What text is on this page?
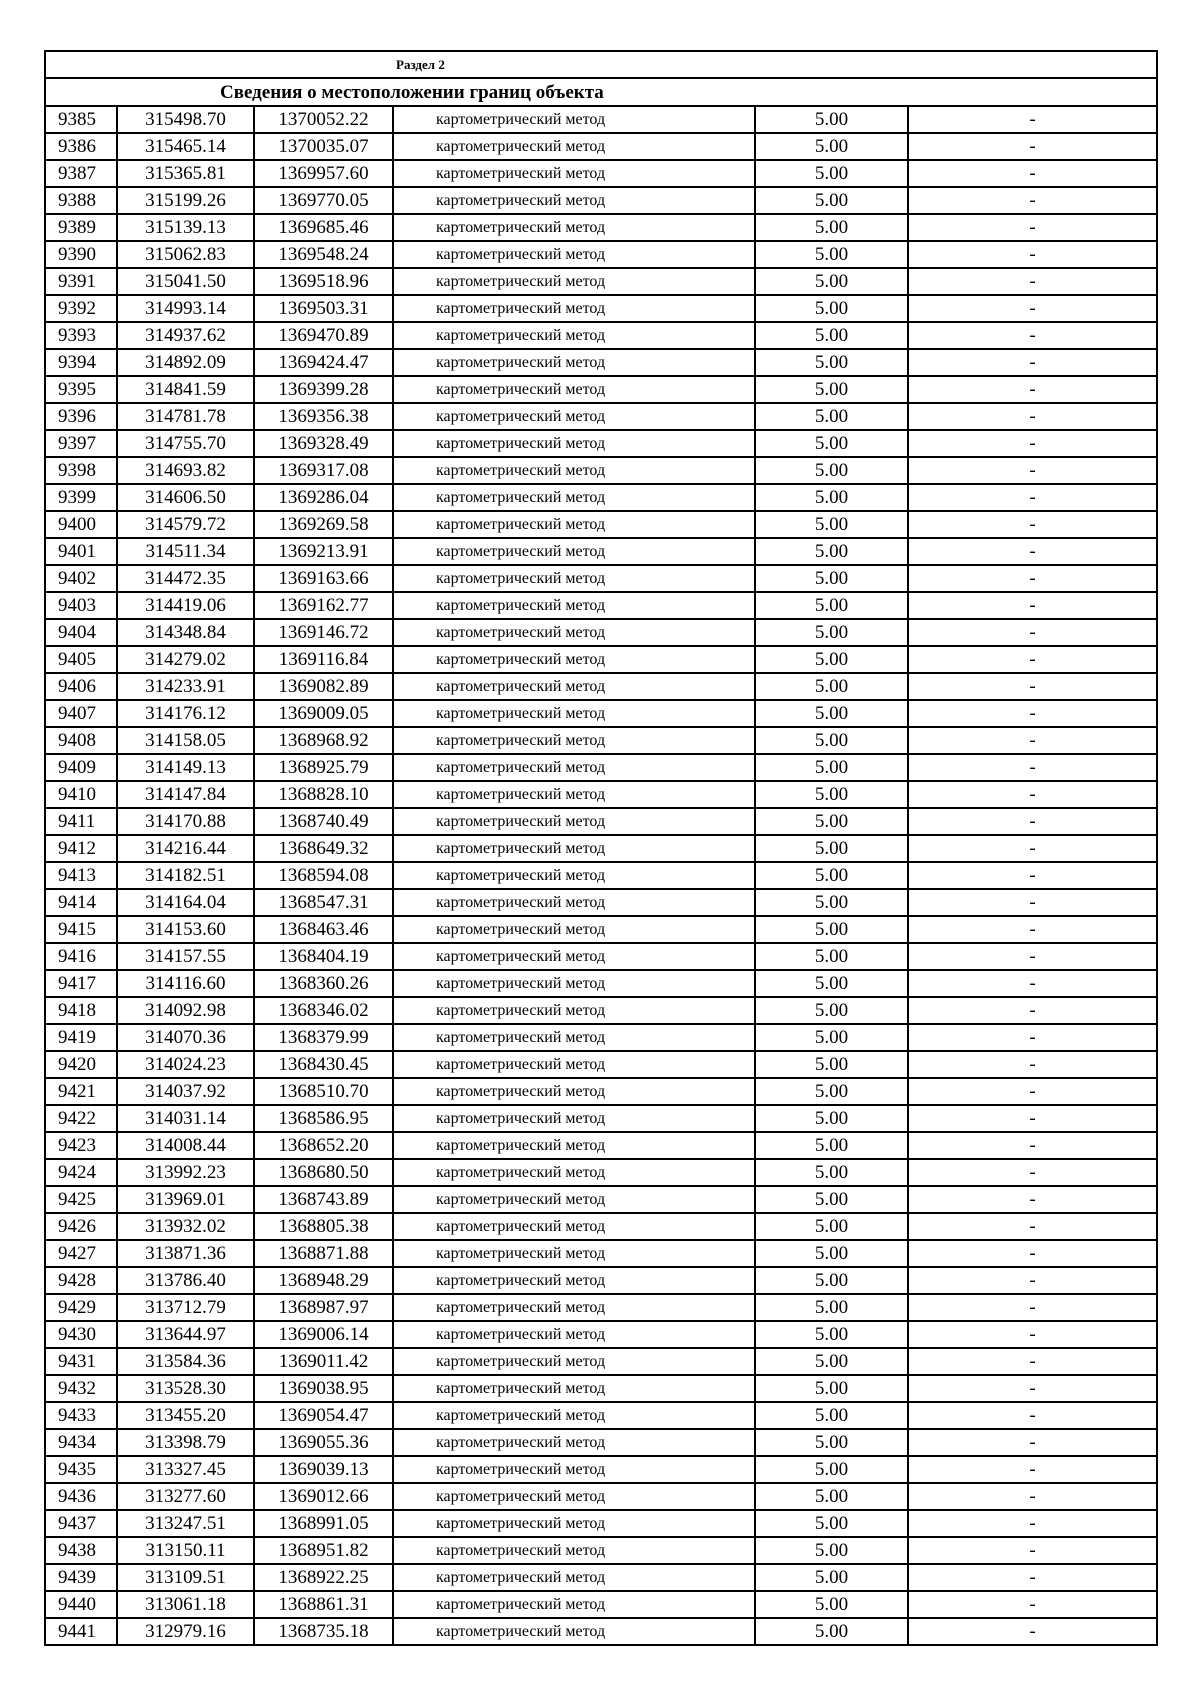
Раздел 2					
Сведения о местоположении границ объекта					
9385	315498.70	1370052.22	картометрический метод	5.00	-
9386	315465.14	1370035.07	картометрический метод	5.00	-
9387	315365.81	1369957.60	картометрический метод	5.00	-
9388	315199.26	1369770.05	картометрический метод	5.00	-
9389	315139.13	1369685.46	картометрический метод	5.00	-
9390	315062.83	1369548.24	картометрический метод	5.00	-
9391	315041.50	1369518.96	картометрический метод	5.00	-
9392	314993.14	1369503.31	картометрический метод	5.00	-
9393	314937.62	1369470.89	картометрический метод	5.00	-
9394	314892.09	1369424.47	картометрический метод	5.00	-
9395	314841.59	1369399.28	картометрический метод	5.00	-
9396	314781.78	1369356.38	картометрический метод	5.00	-
9397	314755.70	1369328.49	картометрический метод	5.00	-
9398	314693.82	1369317.08	картометрический метод	5.00	-
9399	314606.50	1369286.04	картометрический метод	5.00	-
9400	314579.72	1369269.58	картометрический метод	5.00	-
9401	314511.34	1369213.91	картометрический метод	5.00	-
9402	314472.35	1369163.66	картометрический метод	5.00	-
9403	314419.06	1369162.77	картометрический метод	5.00	-
9404	314348.84	1369146.72	картометрический метод	5.00	-
9405	314279.02	1369116.84	картометрический метод	5.00	-
9406	314233.91	1369082.89	картометрический метод	5.00	-
9407	314176.12	1369009.05	картометрический метод	5.00	-
9408	314158.05	1368968.92	картометрический метод	5.00	-
9409	314149.13	1368925.79	картометрический метод	5.00	-
9410	314147.84	1368828.10	картометрический метод	5.00	-
9411	314170.88	1368740.49	картометрический метод	5.00	-
9412	314216.44	1368649.32	картометрический метод	5.00	-
9413	314182.51	1368594.08	картометрический метод	5.00	-
9414	314164.04	1368547.31	картометрический метод	5.00	-
9415	314153.60	1368463.46	картометрический метод	5.00	-
9416	314157.55	1368404.19	картометрический метод	5.00	-
9417	314116.60	1368360.26	картометрический метод	5.00	-
9418	314092.98	1368346.02	картометрический метод	5.00	-
9419	314070.36	1368379.99	картометрический метод	5.00	-
9420	314024.23	1368430.45	картометрический метод	5.00	-
9421	314037.92	1368510.70	картометрический метод	5.00	-
9422	314031.14	1368586.95	картометрический метод	5.00	-
9423	314008.44	1368652.20	картометрический метод	5.00	-
9424	313992.23	1368680.50	картометрический метод	5.00	-
9425	313969.01	1368743.89	картометрический метод	5.00	-
9426	313932.02	1368805.38	картометрический метод	5.00	-
9427	313871.36	1368871.88	картометрический метод	5.00	-
9428	313786.40	1368948.29	картометрический метод	5.00	-
9429	313712.79	1368987.97	картометрический метод	5.00	-
9430	313644.97	1369006.14	картометрический метод	5.00	-
9431	313584.36	1369011.42	картометрический метод	5.00	-
9432	313528.30	1369038.95	картометрический метод	5.00	-
9433	313455.20	1369054.47	картометрический метод	5.00	-
9434	313398.79	1369055.36	картометрический метод	5.00	-
9435	313327.45	1369039.13	картометрический метод	5.00	-
9436	313277.60	1369012.66	картометрический метод	5.00	-
9437	313247.51	1368991.05	картометрический метод	5.00	-
9438	313150.11	1368951.82	картометрический метод	5.00	-
9439	313109.51	1368922.25	картометрический метод	5.00	-
9440	313061.18	1368861.31	картометрический метод	5.00	-
9441	312979.16	1368735.18	картометрический метод	5.00	-
